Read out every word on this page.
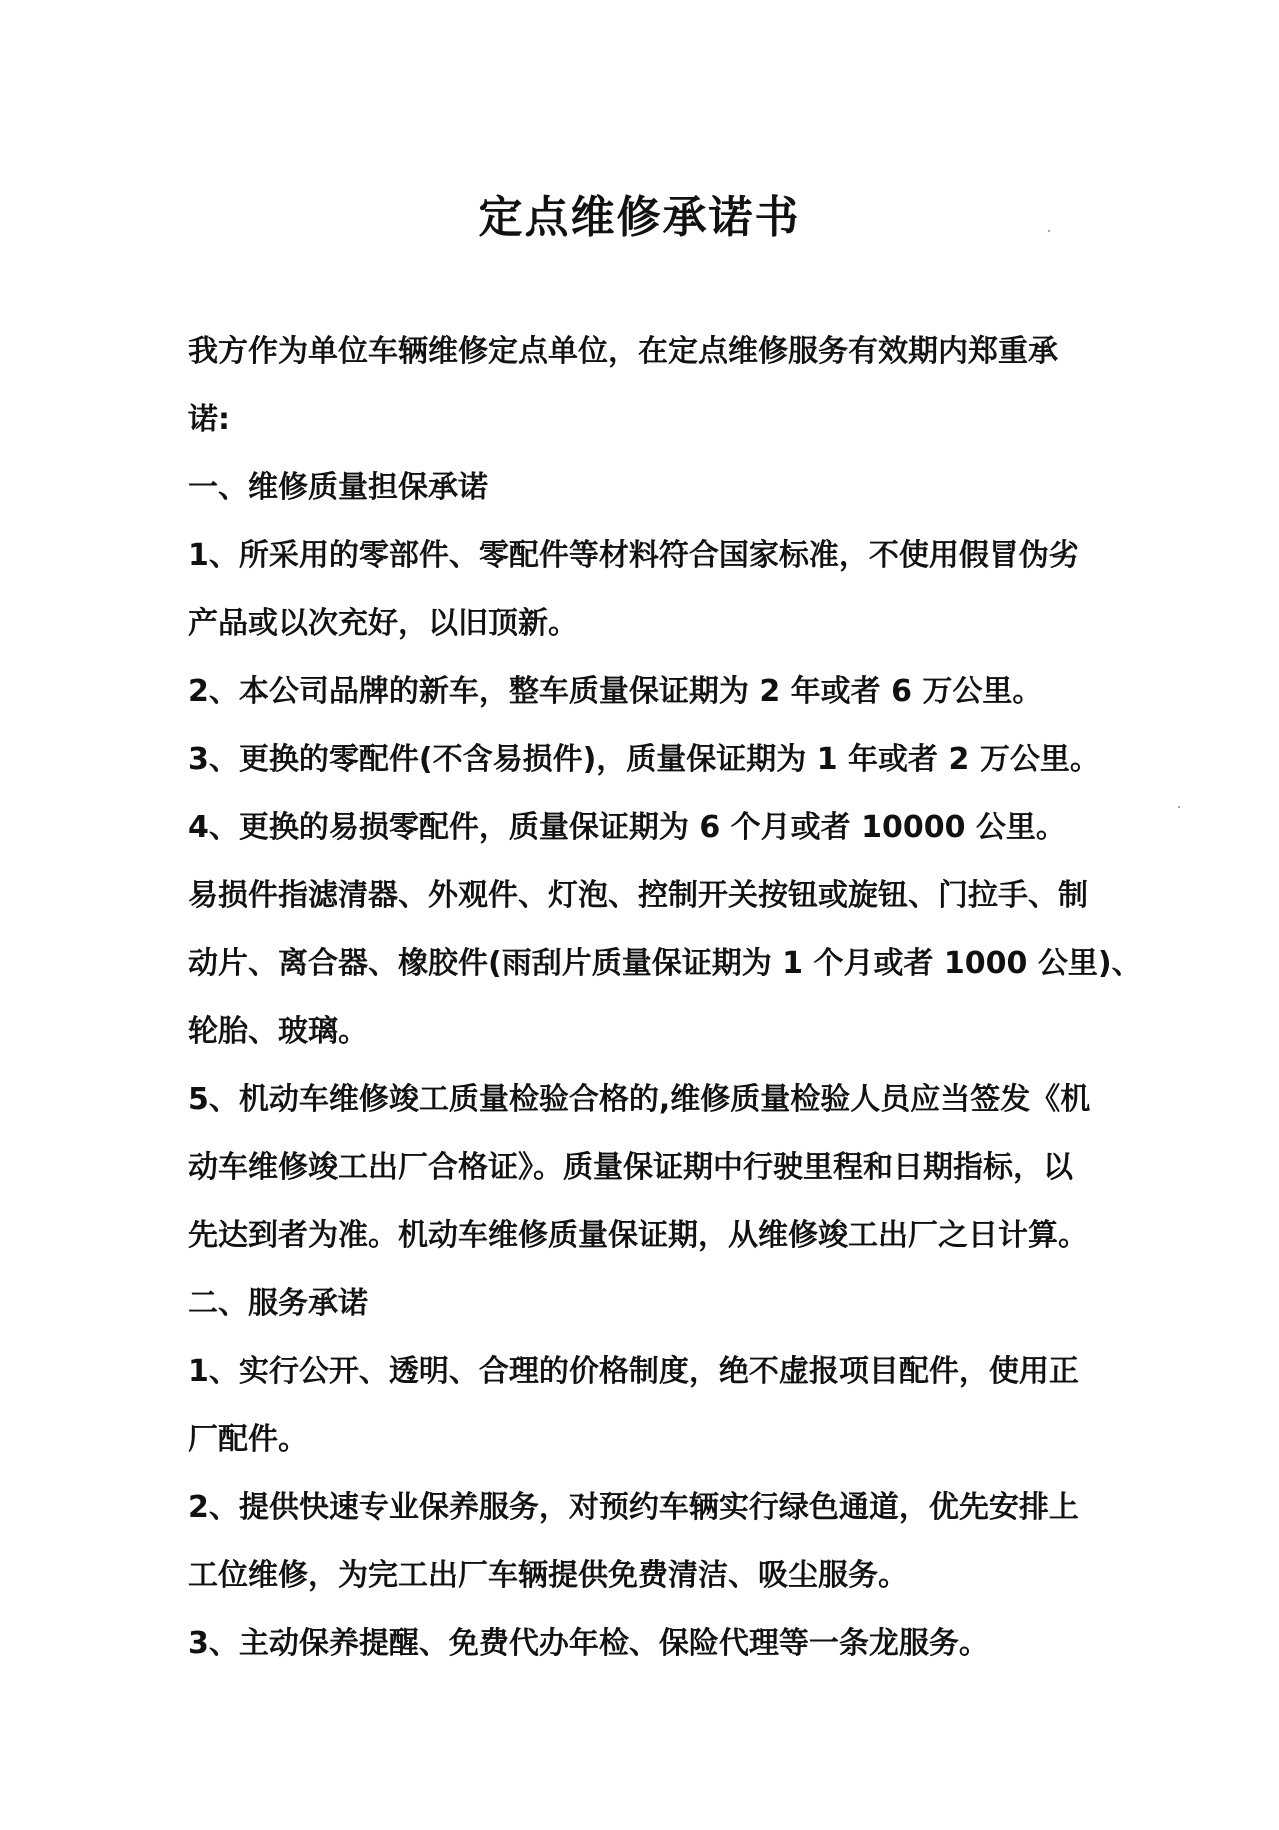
定点维修承诺书

我方作为单位车辆维修定点单位，在定点维修服务有效期内郑重承

诺:

一、维修质量担保承诺

1、所采用的零部件、零配件等材料符合国家标准，不使用假冒伪劣

产品或以次充好，以旧顶新。

2、本公司品牌的新车，整车质量保证期为 2 年或者 6 万公里。

3、更换的零配件(不含易损件)，质量保证期为 1 年或者 2 万公里。

4、更换的易损零配件，质量保证期为 6 个月或者 10000 公里。

易损件指滤清器、外观件、灯泡、控制开关按钮或旋钮、门拉手、制

动片、离合器、橡胶件(雨刮片质量保证期为 1 个月或者 1000 公里)、

轮胎、玻璃。

5、机动车维修竣工质量检验合格的,维修质量检验人员应当签发《机

动车维修竣工出厂合格证》。质量保证期中行驶里程和日期指标，以

先达到者为准。机动车维修质量保证期，从维修竣工出厂之日计算。

二、服务承诺

1、实行公开、透明、合理的价格制度，绝不虚报项目配件，使用正

厂配件。

2、提供快速专业保养服务，对预约车辆实行绿色通道，优先安排上

工位维修，为完工出厂车辆提供免费清洁、吸尘服务。

3、主动保养提醒、免费代办年检、保险代理等一条龙服务。
